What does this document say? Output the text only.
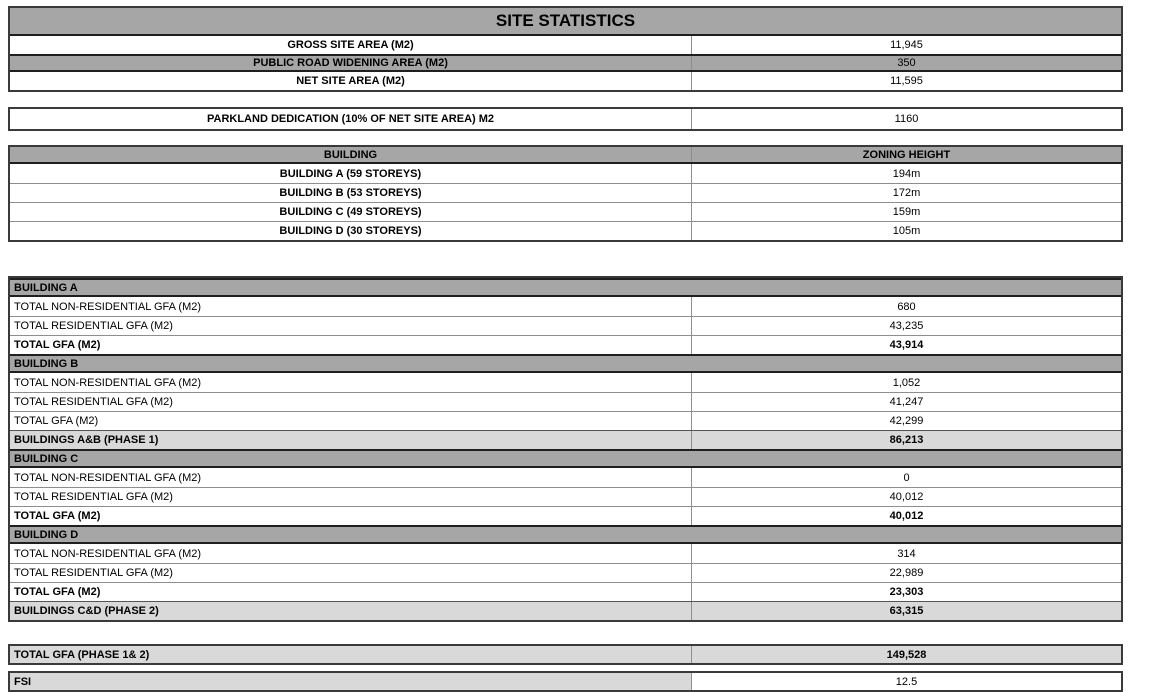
SITE STATISTICS
GROSS SITE AREA (M2)	11,945
PUBLIC ROAD WIDENING AREA (M2)	350
NET SITE AREA (M2)	11,595
PARKLAND DEDICATION (10% OF NET SITE AREA) M2	1160
BUILDING	ZONING HEIGHT
BUILDING A (59 STOREYS)	194m
BUILDING B (53 STOREYS)	172m
BUILDING C (49 STOREYS)	159m
BUILDING D (30 STOREYS)	105m
BUILDING A
TOTAL NON-RESIDENTIAL GFA (M2)	680
TOTAL RESIDENTIAL GFA (M2)	43,235
TOTAL GFA (M2)	43,914
BUILDING B
TOTAL NON-RESIDENTIAL GFA (M2)	1,052
TOTAL RESIDENTIAL GFA (M2)	41,247
TOTAL GFA (M2)	42,299
BUILDINGS A&B (PHASE 1)	86,213
BUILDING C
TOTAL NON-RESIDENTIAL GFA (M2)	0
TOTAL RESIDENTIAL GFA (M2)	40,012
TOTAL GFA (M2)	40,012
BUILDING D
TOTAL NON-RESIDENTIAL GFA (M2)	314
TOTAL RESIDENTIAL GFA (M2)	22,989
TOTAL GFA (M2)	23,303
BUILDINGS C&D (PHASE 2)	63,315
TOTAL GFA (PHASE 1& 2)	149,528
FSI	12.5
